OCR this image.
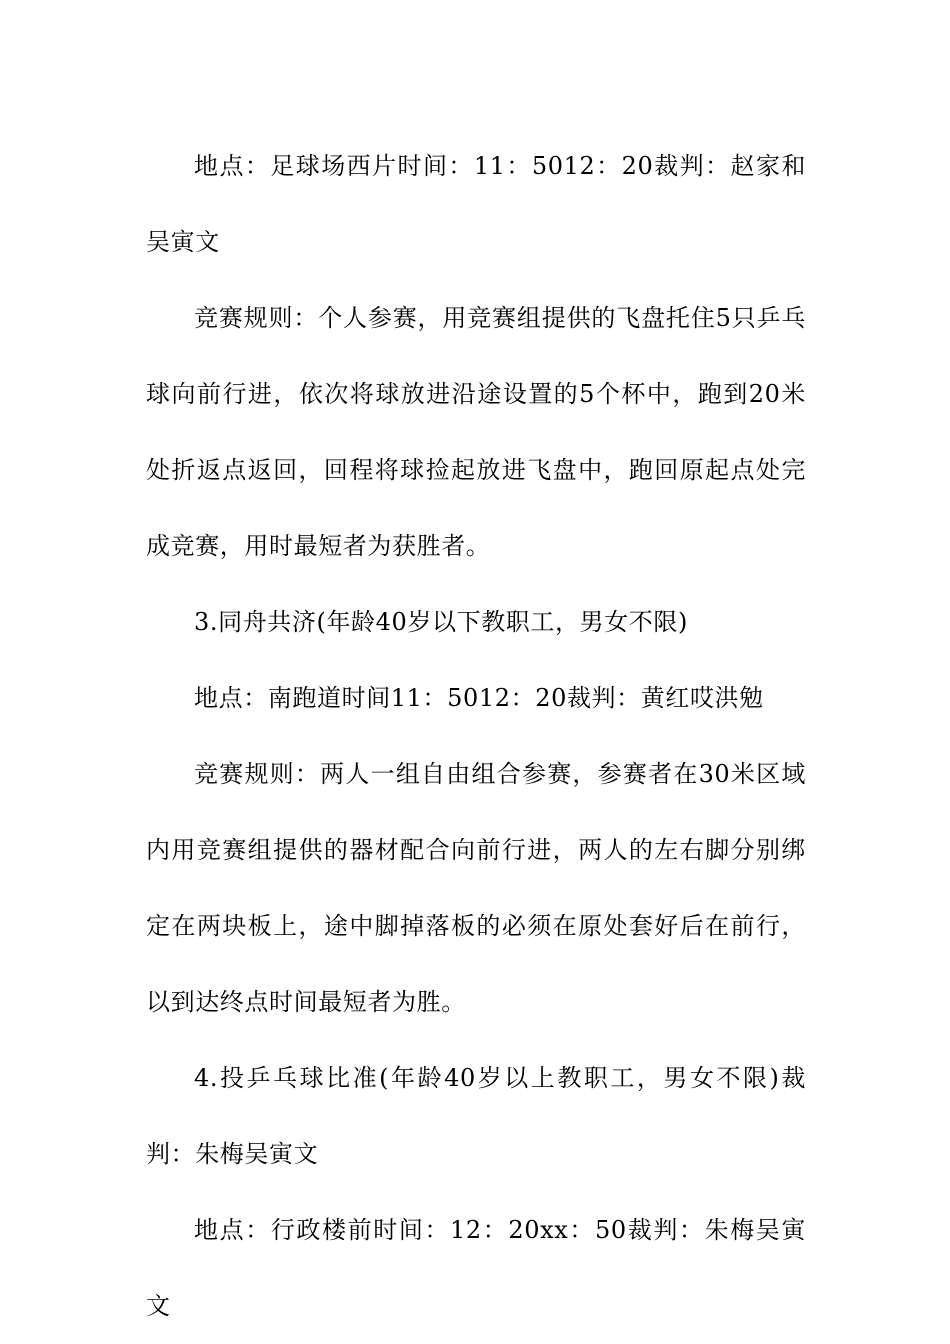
地点：足球场西片时间：11：5012：20裁判：赵家和吴寅文

竞赛规则：个人参赛，用竞赛组提供的飞盘托住5只乒乓球向前行进，依次将球放进沿途设置的5个杯中，跑到20米处折返点返回，回程将球捡起放进飞盘中，跑回原起点处完成竞赛，用时最短者为获胜者。

3.同舟共济(年龄40岁以下教职工，男女不限)

地点：南跑道时间11：5012：20裁判：黄红哎洪勉

竞赛规则：两人一组自由组合参赛，参赛者在30米区域内用竞赛组提供的器材配合向前行进，两人的左右脚分别绑定在两块板上，途中脚掉落板的必须在原处套好后在前行，以到达终点时间最短者为胜。

4.投乒乓球比准(年龄40岁以上教职工，男女不限)裁判：朱梅吴寅文

地点：行政楼前时间：12：20xx：50裁判：朱梅吴寅文
